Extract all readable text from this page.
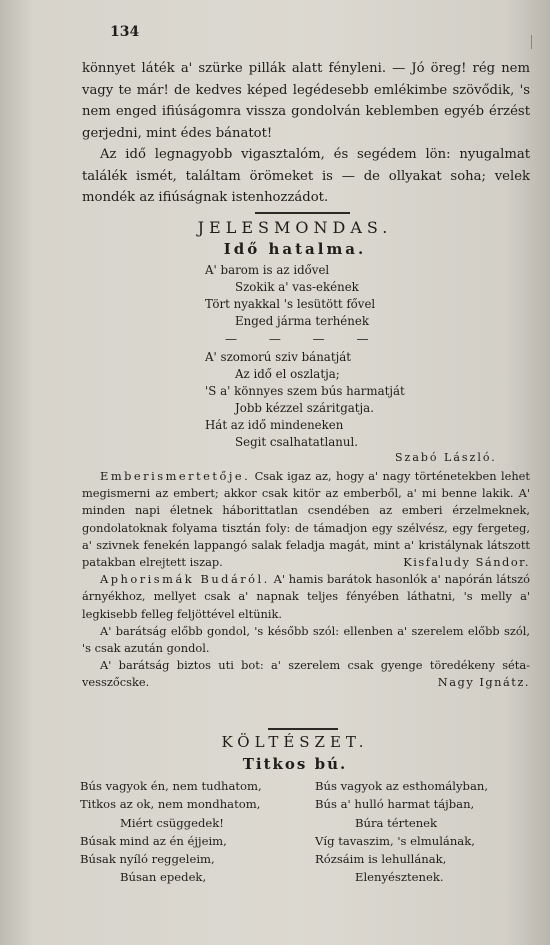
134

könnyet láték a' szürke pillák alatt fényleni. — Jó öreg! rég nem vagy te már! de kedves képed legédesebb emlékimbe szövődik, 's nem enged ifiúságomra vissza gondolván keblemben egyéb érzést gerjedni, mint édes bánatot!

Az idő legnagyobb vigasztalóm, és segédem lön: nyugalmat találék ismét, találtam örömeket is — de ollyakat soha; velek mondék az ifiúságnak istenhozzádot.

JELESMONDAS.
Idő hatalma.
A' barom is az idővel
Szokik a' vas-ekének
Tört nyakkal 's lesütött fővel
Enged járma terhének
— — — —
A' szomorú sziv bánatját
Az idő el oszlatja;
'S a' könnyes szem bús harmatját
Jobb kézzel száritgatja.
Hát az idő mindeneken
Segit csalhatatlanul.
Szabó László.

Emberismertetője. Csak igaz az, hogy a' nagy történetekben lehet megismerni az embert; akkor csak kitör az emberből, a' mi benne lakik. A' minden napi életnek háborittatlan csendében az emberi érzelmeknek, gondolatoknak folyama tisztán foly: de támadjon egy szélvész, egy fergeteg, a' szivnek fenekén lappangó salak feladja magát, mint a' kristálynak látszott patakban elrejtett iszap.	Kisfaludy Sándor.

Aphorismák Budáról. A' hamis barátok hasonlók a' napórán látszó árnyékhoz, mellyet csak a' napnak teljes fényében láthatni, 's melly a' legkisebb felleg feljöttével eltünik.

A' barátság előbb gondol, 's később szól: ellenben a' szerelem előbb szól, 's csak azután gondol.

A' barátság biztos uti bot: a' szerelem csak gyenge töredékeny séta-vesszőcske.	Nagy Ignátz.

KÖLTÉSZET.
Titkos bú.
Bús vagyok én, nem tudhatom,
Titkos az ok, nem mondhatom,
Miért csüggedek!
Búsak mind az én éjjeim,
Búsak nyíló reggeleim,
Búsan epedek,
Bús vagyok az esthomályban,
Bús a' hulló harmat tájban,
Búra tértenek
Víg tavaszim, 's elmulának,
Rózsáim is lehullának,
Elenyésztenek.
